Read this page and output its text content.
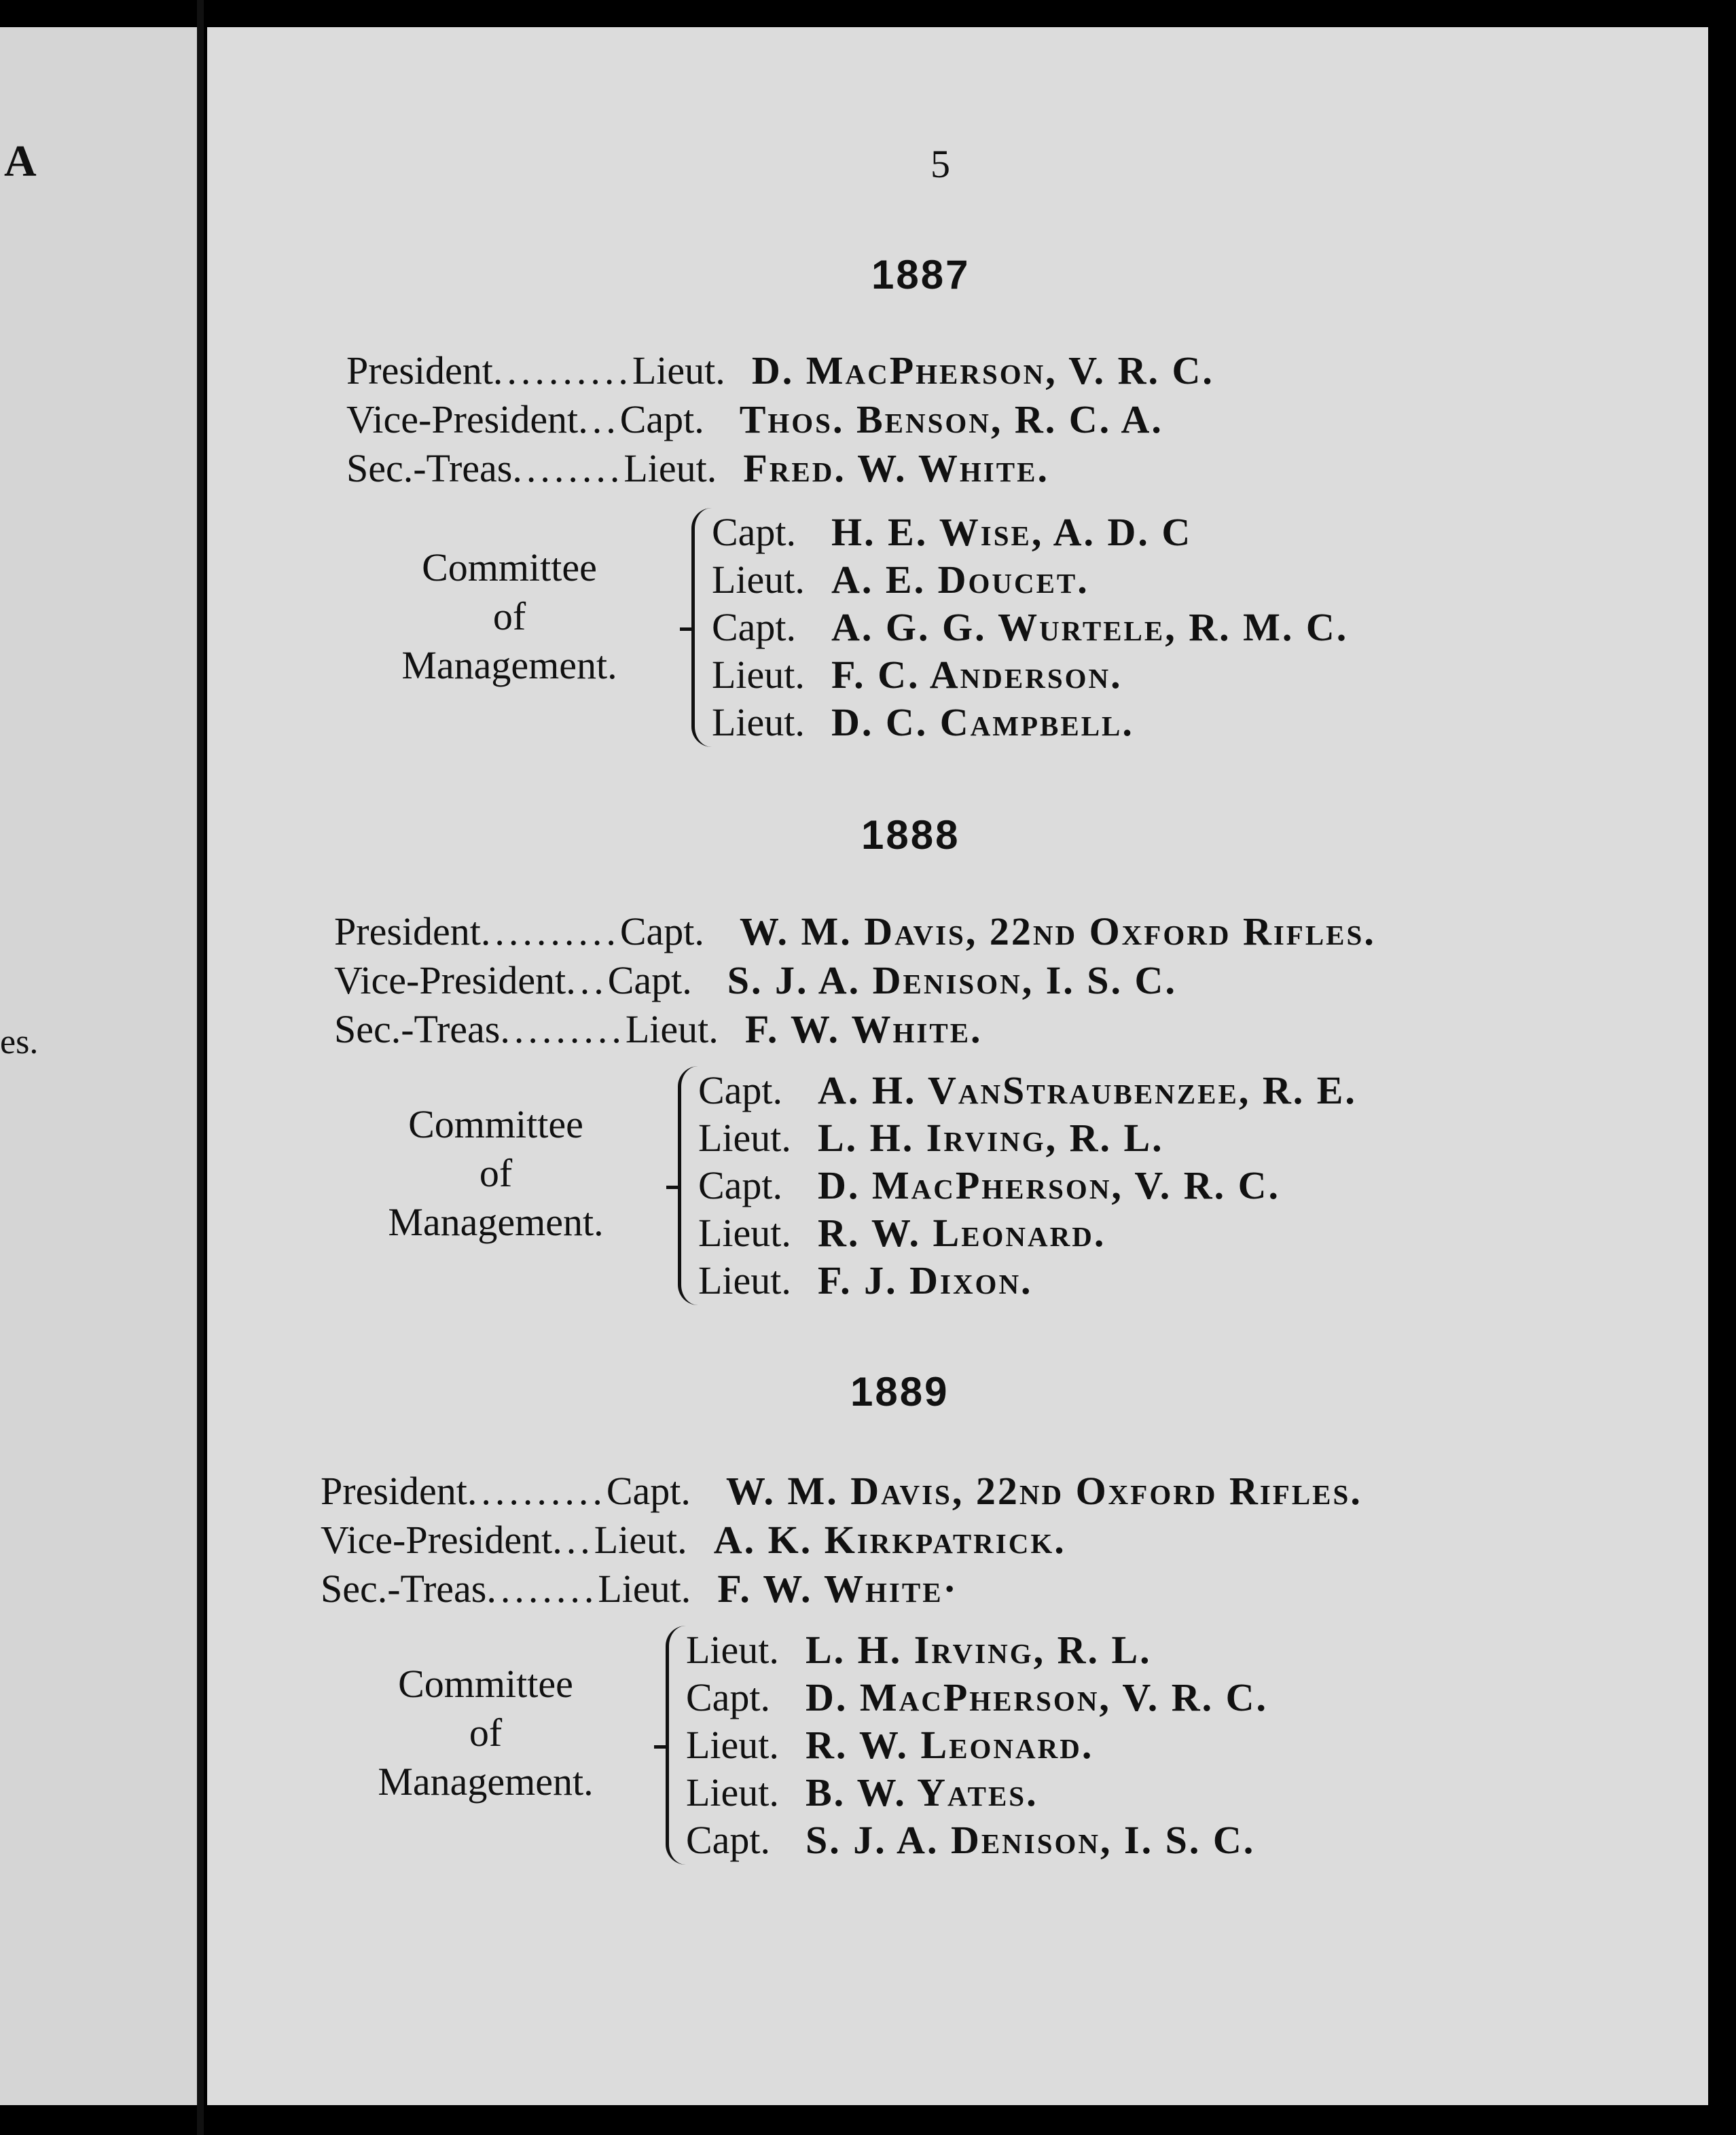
A
es.
5
1887
President..........Lieut. D. MacPherson, V. R. C.
Vice-President...Capt. Thos. Benson, R. C. A.
Sec.-Treas........Lieut. Fred. W. White.
Committee
of
Management.
Capt. H. E. Wise, A. D. C
Lieut. A. E. Doucet.
Capt. A. G. G. Wurtele, R. M. C.
Lieut. F. C. Anderson.
Lieut. D. C. Campbell.
1888
President..........Capt. W. M. Davis, 22nd Oxford Rifles.
Vice-President...Capt. S. J. A. Denison, I. S. C.
Sec.-Treas.........Lieut. F. W. White.
Committee
of
Management.
Capt. A. H. VanStraubenzee, R. E.
Lieut. L. H. Irving, R. L.
Capt. D. MacPherson, V. R. C.
Lieut. R. W. Leonard.
Lieut. F. J. Dixon.
1889
President..........Capt. W. M. Davis, 22nd Oxford Rifles.
Vice-President...Lieut. A. K. Kirkpatrick.
Sec.-Treas........Lieut. F. W. White·
Committee
of
Management.
Lieut. L. H. Irving, R. L.
Capt. D. MacPherson, V. R. C.
Lieut. R. W. Leonard.
Lieut. B. W. Yates.
Capt. S. J. A. Denison, I. S. C.
